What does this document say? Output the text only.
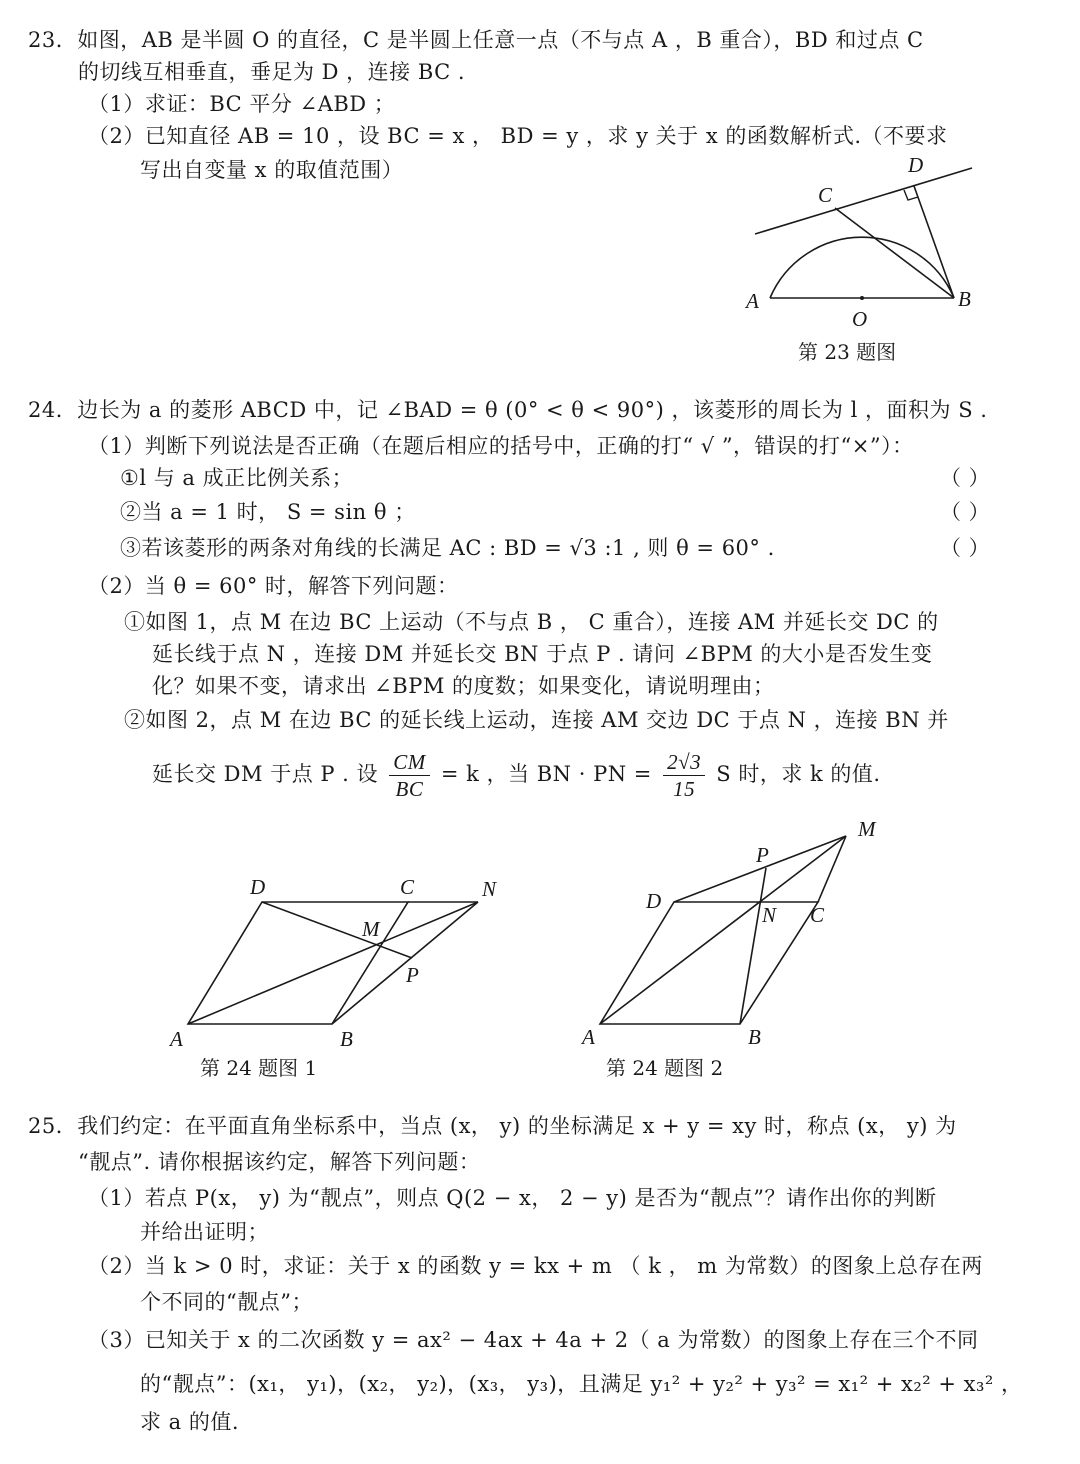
23．如图，AB 是半圆 O 的直径，C 是半圆上任意一点（不与点 A ，B 重合），BD 和过点 C
的切线互相垂直，垂足为 D ，连接 BC .
（1）求证：BC 平分 ∠ABD ；
（2）已知直径 AB = 10 ，设 BC = x ， BD = y ，求 y 关于 x 的函数解析式.（不要求
写出自变量 x 的取值范围）
A	B
C
D
O
第 23 题图
24．边长为 a 的菱形 ABCD 中，记 ∠BAD = θ (0° < θ < 90°) ，该菱形的周长为 l ，面积为 S .
（1）判断下列说法是否正确（在题后相应的括号中，正确的打“ √ ”，错误的打“×”）：
①l 与 a 成正比例关系；	（ ）
②当 a = 1 时， S = sin θ ；	（ ）
③若该菱形的两条对角线的长满足 AC : BD = √3 :1 , 则 θ = 60° .	（ ）
（2）当 θ = 60° 时，解答下列问题：
①如图 1，点 M 在边 BC 上运动（不与点 B ， C 重合），连接 AM 并延长交 DC 的
延长线于点 N ，连接 DM 并延长交 BN 于点 P . 请问 ∠BPM 的大小是否发生变
化？如果不变，请求出 ∠BPM 的度数；如果变化，请说明理由；
②如图 2，点 M 在边 BC 的延长线上运动，连接 AM 交边 DC 于点 N ，连接 BN 并
延长交 DM 于点 P . 设 $\frac{CM}{BC} = k$ ，当 BN · PN = $\frac{2√3}{15}$ S 时，求 k 的值.
A	B
C
D
M
N
P
第 24 题图 1
A	B
C
D
M
N
P
第 24 题图 2
25．我们约定：在平面直角坐标系中，当点 (x， y) 的坐标满足 x + y = xy 时，称点 (x， y) 为
“靓点”. 请你根据该约定，解答下列问题：
（1）若点 P(x， y) 为“靓点”，则点 Q(2 − x， 2 − y) 是否为“靓点”？请作出你的判断
并给出证明；
（2）当 k > 0 时，求证：关于 x 的函数 y = kx + m （ k ， m 为常数）的图象上总存在两
个不同的“靓点”；
（3）已知关于 x 的二次函数 y = ax² − 4ax + 4a + 2（ a 为常数）的图象上存在三个不同
的“靓点”：(x₁， y₁)，(x₂， y₂)，(x₃， y₃)，且满足 y₁² + y₂² + y₃² = x₁² + x₂² + x₃² ，
求 a 的值.
